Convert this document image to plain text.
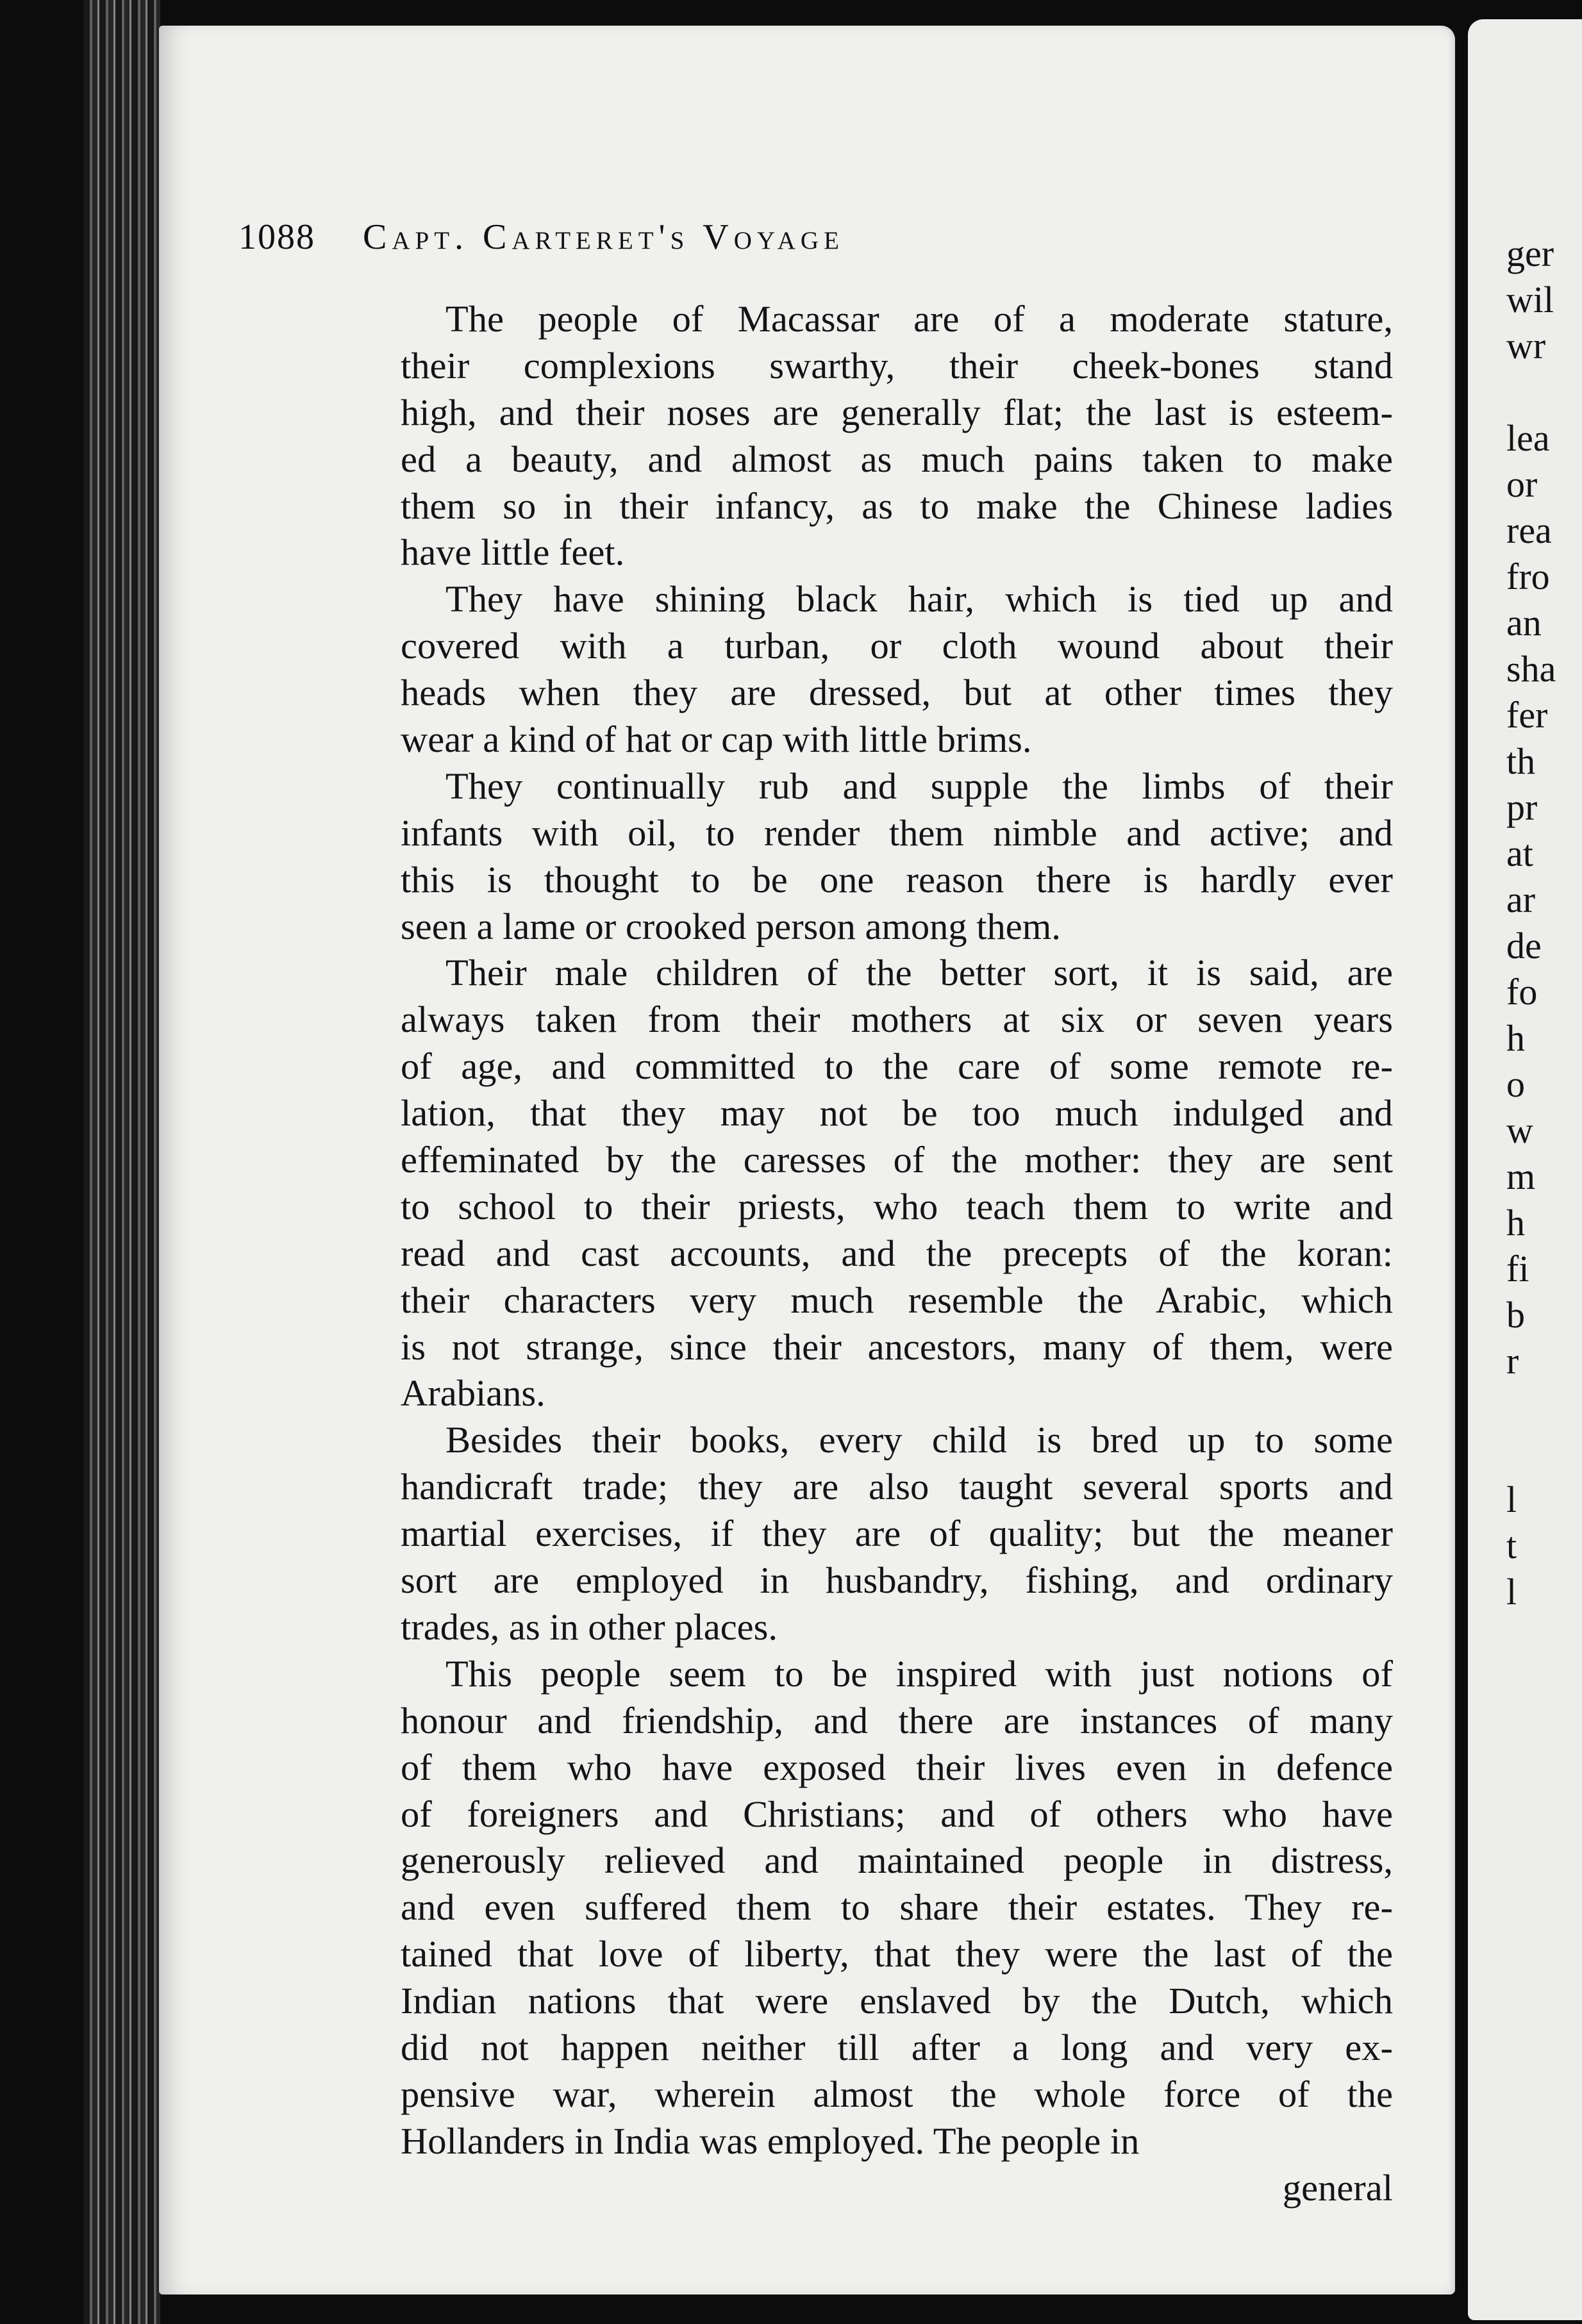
1088 Capt. Carteret's Voyage
The people of Macassar are of a moderate stature,
their complexions swarthy, their cheek-bones stand
high, and their noses are generally flat; the last is esteem-
ed a beauty, and almost as much pains taken to make
them so in their infancy, as to make the Chinese ladies
have little feet.
They have shining black hair, which is tied up and
covered with a turban, or cloth wound about their
heads when they are dressed, but at other times they
wear a kind of hat or cap with little brims.
They continually rub and supple the limbs of their
infants with oil, to render them nimble and active; and
this is thought to be one reason there is hardly ever
seen a lame or crooked person among them.
Their male children of the better sort, it is said, are
always taken from their mothers at six or seven years
of age, and committed to the care of some remote re-
lation, that they may not be too much indulged and
effeminated by the caresses of the mother: they are sent
to school to their priests, who teach them to write and
read and cast accounts, and the precepts of the koran:
their characters very much resemble the Arabic, which
is not strange, since their ancestors, many of them, were
Arabians.
Besides their books, every child is bred up to some
handicraft trade; they are also taught several sports and
martial exercises, if they are of quality; but the meaner
sort are employed in husbandry, fishing, and ordinary
trades, as in other places.
This people seem to be inspired with just notions of
honour and friendship, and there are instances of many
of them who have exposed their lives even in defence
of foreigners and Christians; and of others who have
generously relieved and maintained people in distress,
and even suffered them to share their estates. They re-
tained that love of liberty, that they were the last of the
Indian nations that were enslaved by the Dutch, which
did not happen neither till after a long and very ex-
pensive war, wherein almost the whole force of the
Hollanders in India was employed. The people in
general
ger
wil
wr
lea
or
rea
fro
an
sha
fer
th
pr
at
ar
de
fo
h
o
w
m
h
fi
b
r
l
t
l
